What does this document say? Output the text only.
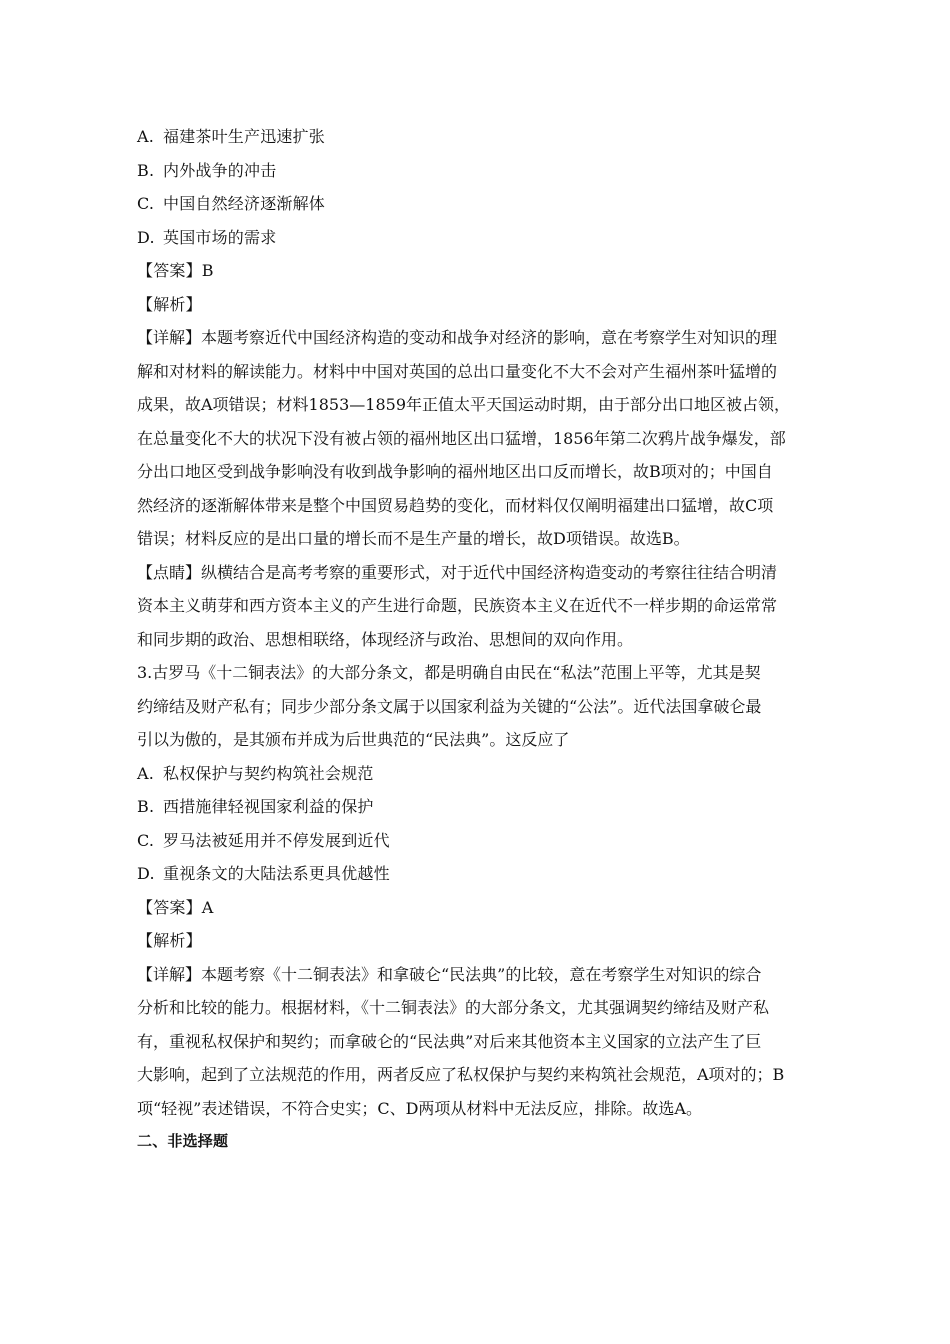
A. 福建茶叶生产迅速扩张
B. 内外战争的冲击
C. 中国自然经济逐渐解体
D. 英国市场的需求
【答案】B
【解析】
【详解】本题考察近代中国经济构造的变动和战争对经济的影响，意在考察学生对知识的理
解和对材料的解读能力。材料中中国对英国的总出口量变化不大不会对产生福州茶叶猛增的
成果，故A项错误；材料1853—1859年正值太平天国运动时期，由于部分出口地区被占领，
在总量变化不大的状况下没有被占领的福州地区出口猛增，1856年第二次鸦片战争爆发，部
分出口地区受到战争影响没有收到战争影响的福州地区出口反而增长，故B项对的；中国自
然经济的逐渐解体带来是整个中国贸易趋势的变化，而材料仅仅阐明福建出口猛增，故C项
错误；材料反应的是出口量的增长而不是生产量的增长，故D项错误。故选B。
【点睛】纵横结合是高考考察的重要形式，对于近代中国经济构造变动的考察往往结合明清
资本主义萌芽和西方资本主义的产生进行命题，民族资本主义在近代不一样步期的命运常常
和同步期的政治、思想相联络，体现经济与政治、思想间的双向作用。
3.古罗马《十二铜表法》的大部分条文，都是明确自由民在“私法”范围上平等，尤其是契
约缔结及财产私有；同步少部分条文属于以国家利益为关键的“公法”。近代法国拿破仑最
引以为傲的，是其颁布并成为后世典范的“民法典”。这反应了
A. 私权保护与契约构筑社会规范
B. 西措施律轻视国家利益的保护
C. 罗马法被延用并不停发展到近代
D. 重视条文的大陆法系更具优越性
【答案】A
【解析】
【详解】本题考察《十二铜表法》和拿破仑“民法典”的比较，意在考察学生对知识的综合
分析和比较的能力。根据材料，《十二铜表法》的大部分条文，尤其强调契约缔结及财产私
有，重视私权保护和契约；而拿破仑的“民法典”对后来其他资本主义国家的立法产生了巨
大影响，起到了立法规范的作用，两者反应了私权保护与契约来构筑社会规范，A项对的；B
项“轻视”表述错误，不符合史实；C、D两项从材料中无法反应，排除。故选A。
二、非选择题
